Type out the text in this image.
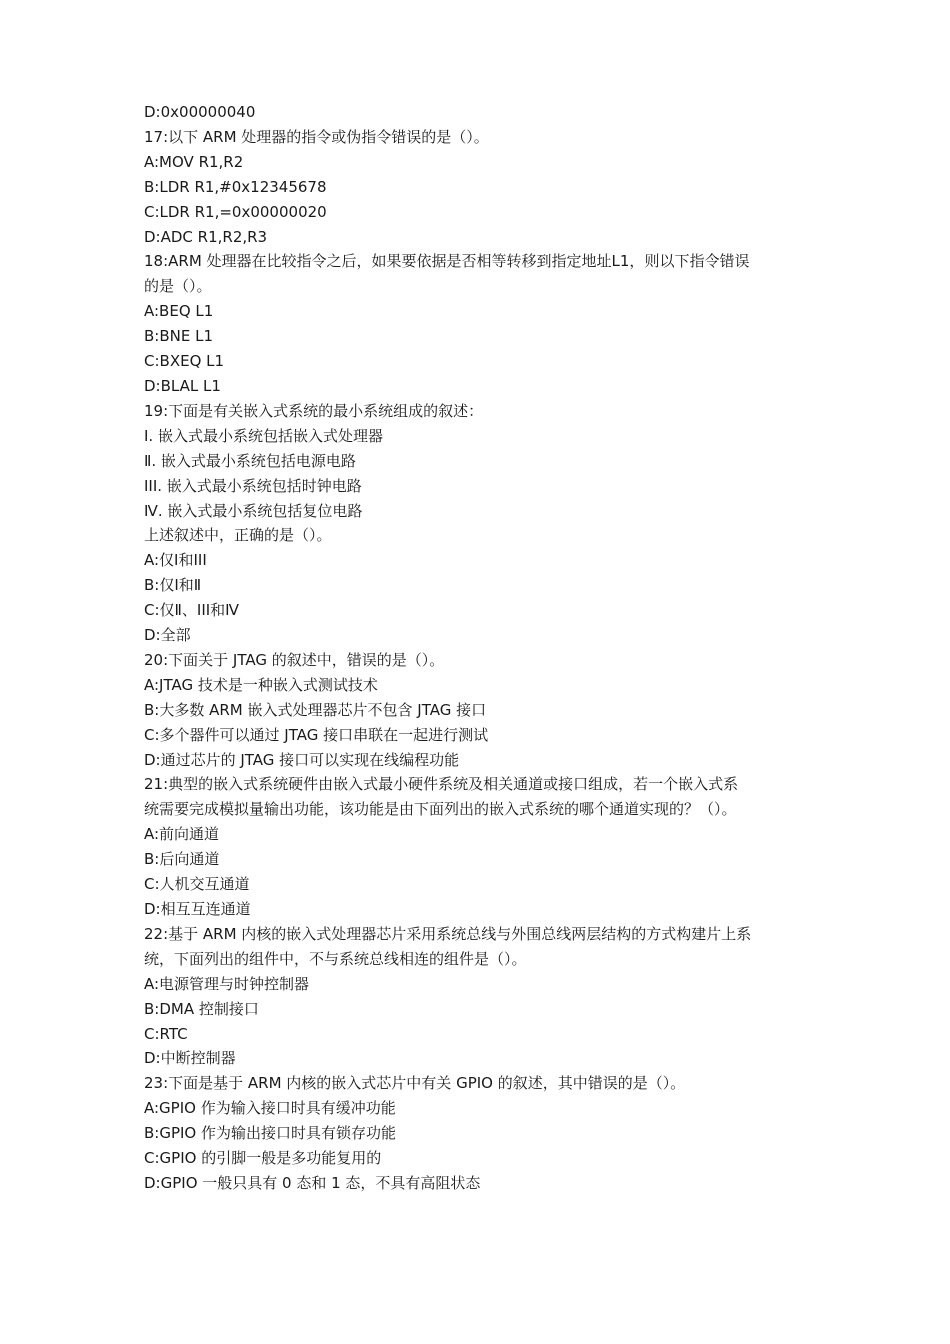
D:0x00000040
17:以下 ARM 处理器的指令或伪指令错误的是（）。
A:MOV R1,R2
B:LDR R1,#0x12345678
C:LDR R1,=0x00000020
D:ADC R1,R2,R3
18:ARM 处理器在比较指令之后，如果要依据是否相等转移到指定地址L1，则以下指令错误
的是（）。
A:BEQ L1
B:BNE L1
C:BXEQ L1
D:BLAL L1
19:下面是有关嵌入式系统的最小系统组成的叙述：
Ⅰ. 嵌入式最小系统包括嵌入式处理器
Ⅱ. 嵌入式最小系统包括电源电路
III. 嵌入式最小系统包括时钟电路
Ⅳ. 嵌入式最小系统包括复位电路
上述叙述中，正确的是（）。
A:仅Ⅰ和III
B:仅Ⅰ和Ⅱ
C:仅Ⅱ、III和Ⅳ
D:全部
20:下面关于 JTAG 的叙述中，错误的是（）。
A:JTAG 技术是一种嵌入式测试技术
B:大多数 ARM 嵌入式处理器芯片不包含 JTAG 接口
C:多个器件可以通过 JTAG 接口串联在一起进行测试
D:通过芯片的 JTAG 接口可以实现在线编程功能
21:典型的嵌入式系统硬件由嵌入式最小硬件系统及相关通道或接口组成，若一个嵌入式系
统需要完成模拟量输出功能，该功能是由下面列出的嵌入式系统的哪个通道实现的？（）。
A:前向通道
B:后向通道
C:人机交互通道
D:相互互连通道
22:基于 ARM 内核的嵌入式处理器芯片采用系统总线与外围总线两层结构的方式构建片上系
统，下面列出的组件中，不与系统总线相连的组件是（）。
A:电源管理与时钟控制器
B:DMA 控制接口
C:RTC
D:中断控制器
23:下面是基于 ARM 内核的嵌入式芯片中有关 GPIO 的叙述，其中错误的是（）。
A:GPIO 作为输入接口时具有缓冲功能
B:GPIO 作为输出接口时具有锁存功能
C:GPIO 的引脚一般是多功能复用的
D:GPIO 一般只具有 0 态和 1 态，不具有高阻状态
